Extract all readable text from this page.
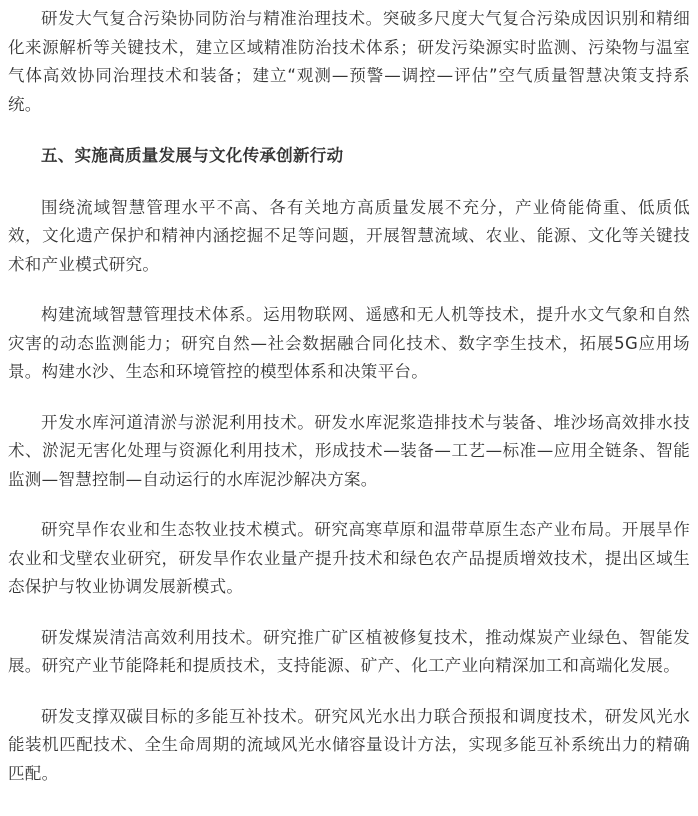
研发大气复合污染协同防治与精准治理技术。突破多尺度大气复合污染成因识别和精细化来源解析等关键技术，建立区域精准防治技术体系；研发污染源实时监测、污染物与温室气体高效协同治理技术和装备；建立“观测—预警—调控—评估”空气质量智慧决策支持系统。

五、实施高质量发展与文化传承创新行动

围绕流域智慧管理水平不高、各有关地方高质量发展不充分，产业倚能倚重、低质低效，文化遗产保护和精神内涵挖掘不足等问题，开展智慧流域、农业、能源、文化等关键技术和产业模式研究。

构建流域智慧管理技术体系。运用物联网、遥感和无人机等技术，提升水文气象和自然灾害的动态监测能力；研究自然—社会数据融合同化技术、数字孪生技术，拓展5G应用场景。构建水沙、生态和环境管控的模型体系和决策平台。

开发水库河道清淤与淤泥利用技术。研发水库泥浆造排技术与装备、堆沙场高效排水技术、淤泥无害化处理与资源化利用技术，形成技术—装备—工艺—标准—应用全链条、智能监测—智慧控制—自动运行的水库泥沙解决方案。

研究旱作农业和生态牧业技术模式。研究高寒草原和温带草原生态产业布局。开展旱作农业和戈壁农业研究，研发旱作农业量产提升技术和绿色农产品提质增效技术，提出区域生态保护与牧业协调发展新模式。

研发煤炭清洁高效利用技术。研究推广矿区植被修复技术，推动煤炭产业绿色、智能发展。研究产业节能降耗和提质技术，支持能源、矿产、化工产业向精深加工和高端化发展。

研发支撑双碳目标的多能互补技术。研究风光水出力联合预报和调度技术，研发风光水能装机匹配技术、全生命周期的流域风光水储容量设计方法，实现多能互补系统出力的精确匹配。
